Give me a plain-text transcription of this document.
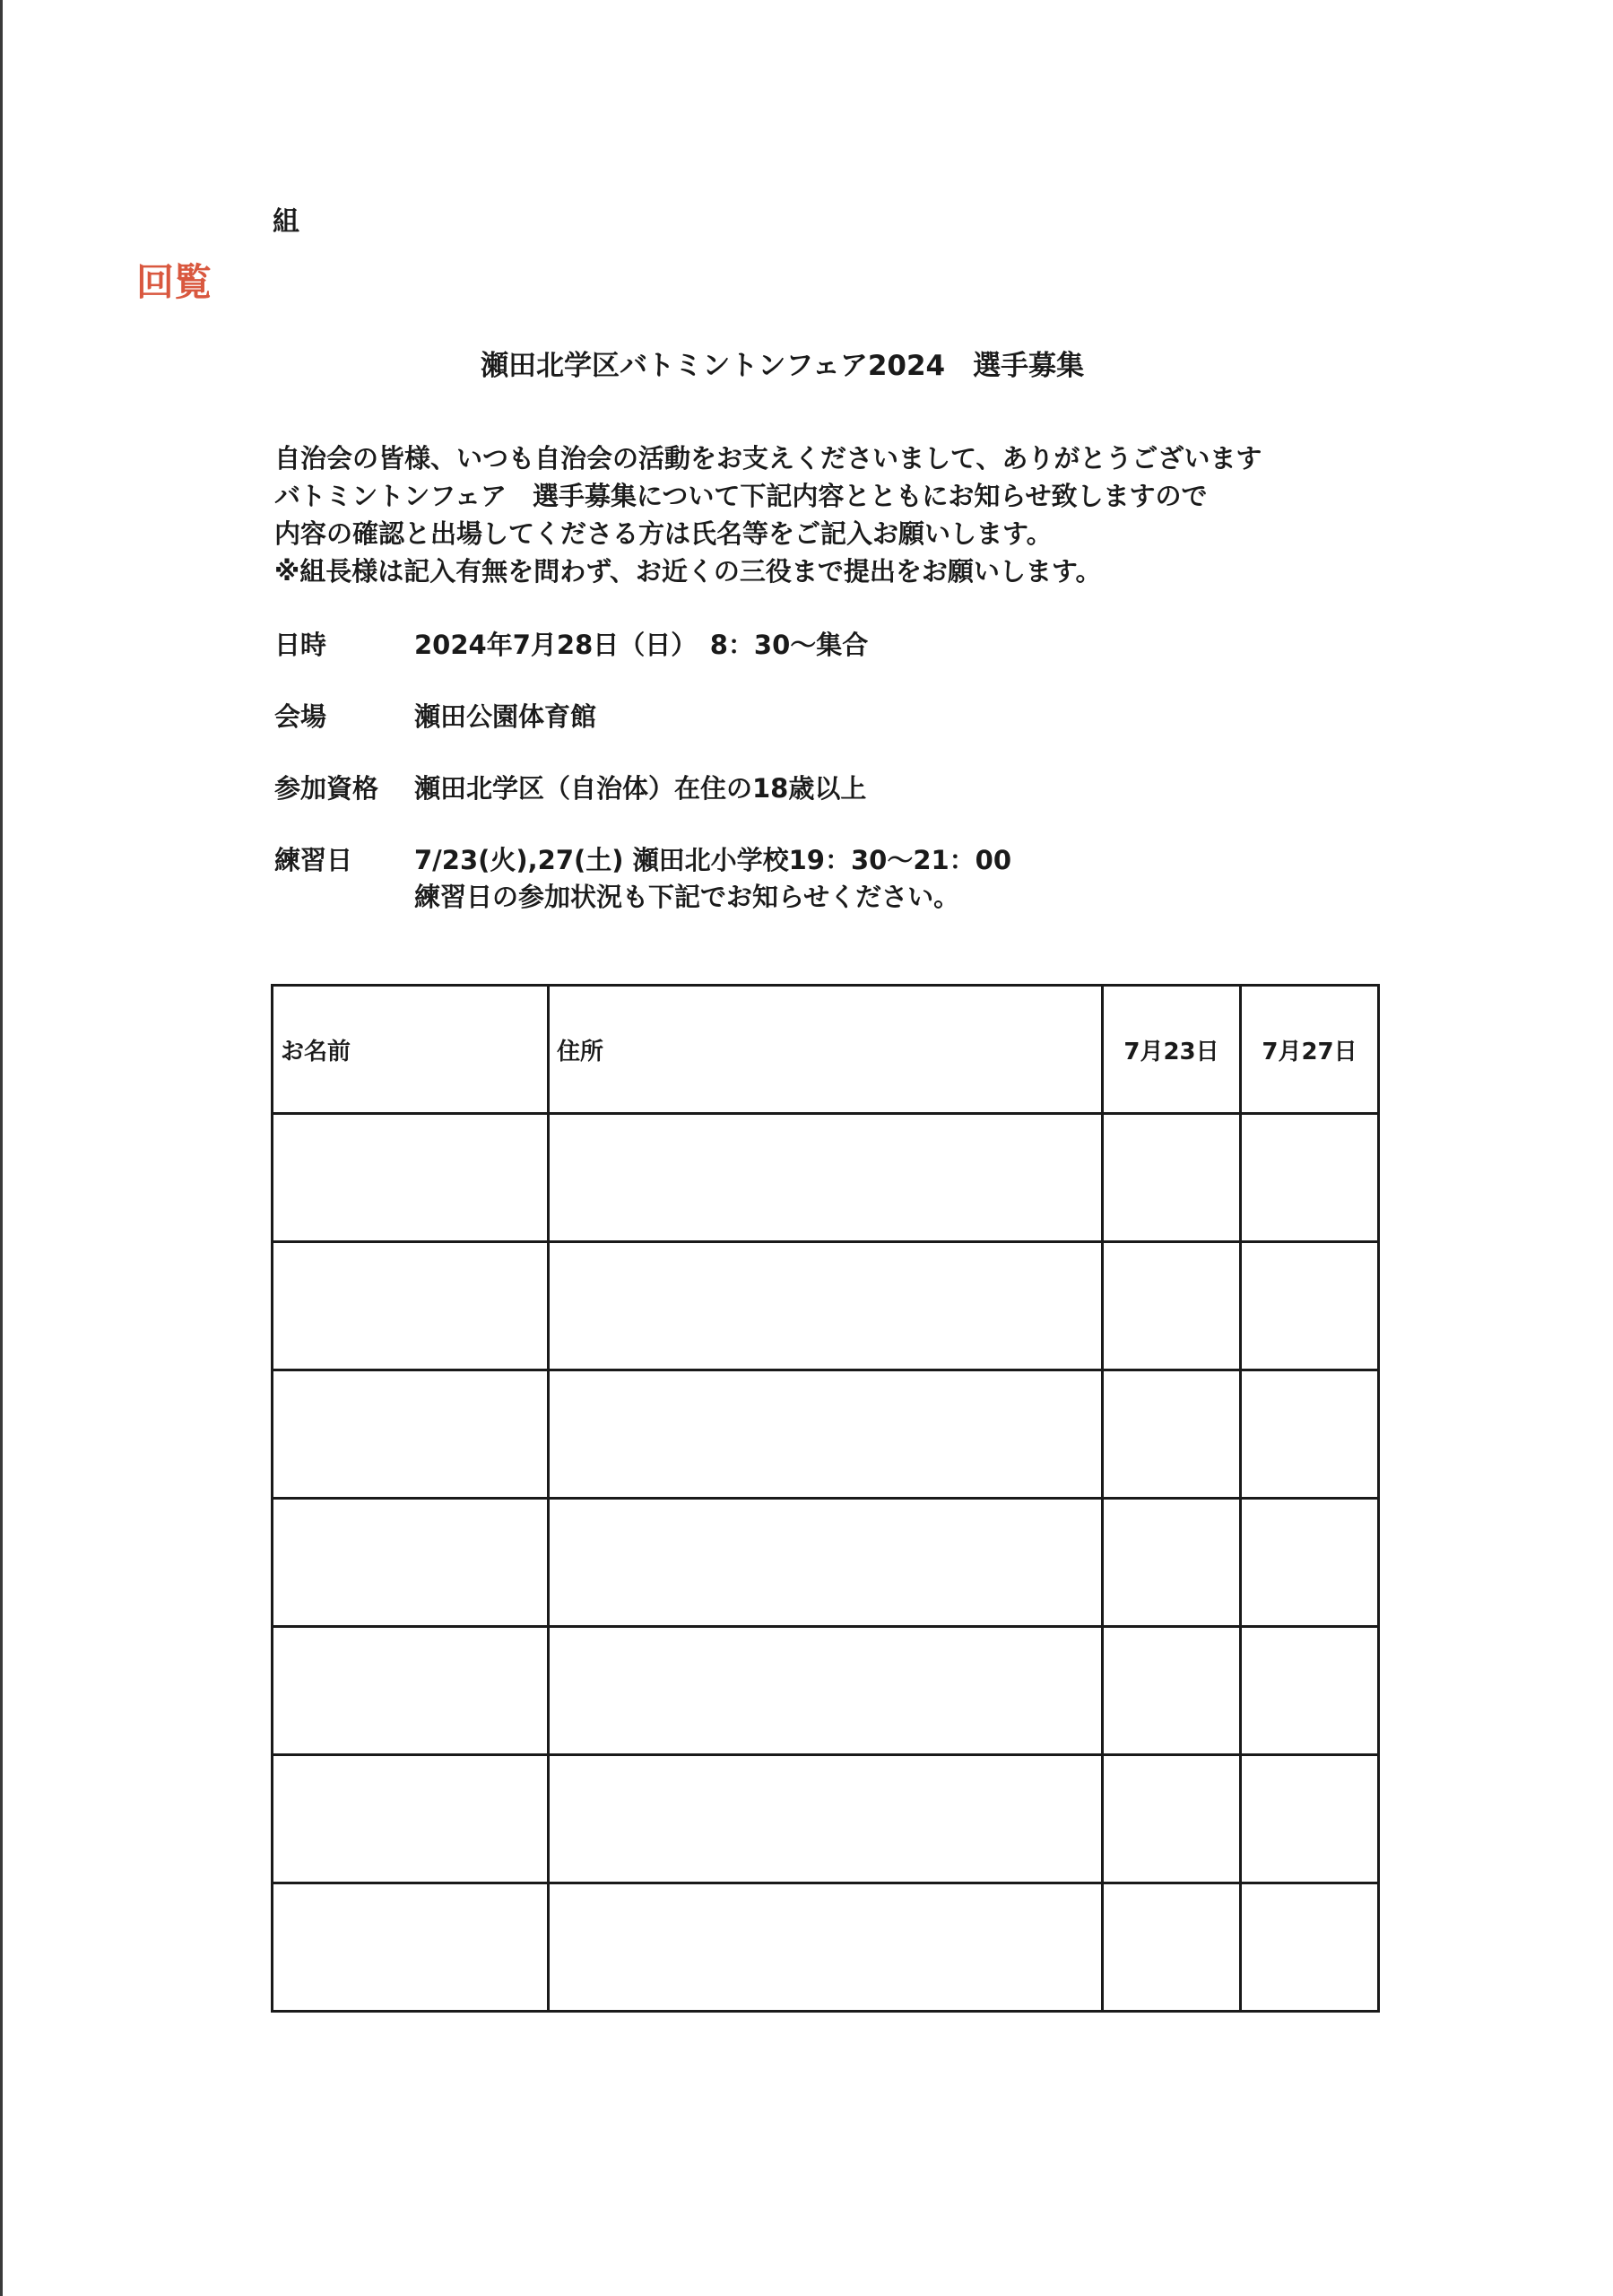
組
回覧
瀬田北学区バトミントンフェア2024　選手募集
自治会の皆様、いつも自治会の活動をお支えくださいまして、ありがとうございます
バトミントンフェア　選手募集について下記内容とともにお知らせ致しますので
内容の確認と出場してくださる方は氏名等をご記入お願いします。
※組長様は記入有無を問わず、お近くの三役まで提出をお願いします。
日時	2024年7月28日（日）　8：30～集合
会場	瀬田公園体育館
参加資格 瀬田北学区（自治体）在住の18歳以上
練習日 7/23(火),27(土) 瀬田北小学校19：30～21：00
練習日の参加状況も下記でお知らせください。
お名前	住所	7月23日	7月27日
